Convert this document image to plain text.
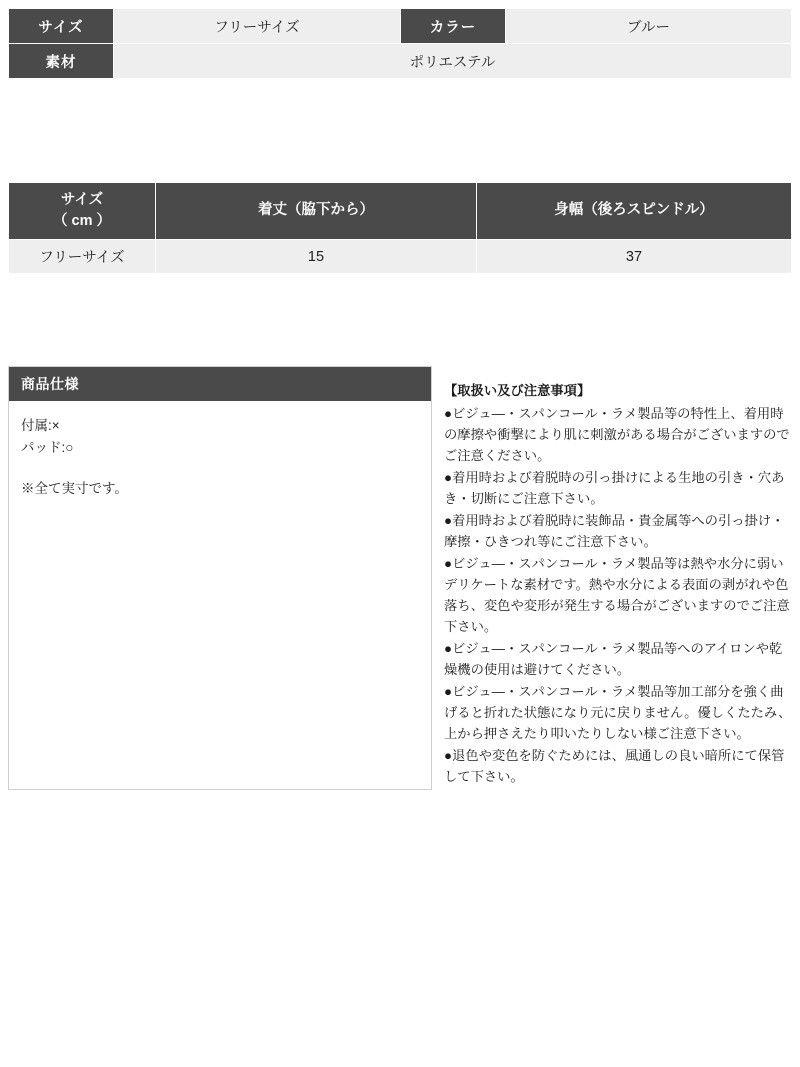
サイズ	フリーサイズ	カラー	ブルー
素材	ポリエステル		
サイズ
（ cm ）	着丈（脇下から）	身幅（後ろスピンドル）
フリーサイズ	15	37
商品仕様
付属:×
パッド:○
※全て実寸です。
【取扱い及び注意事項】

●ビジュ―・スパンコール・ラメ製品等の特性上、着用時の摩擦や衝撃により肌に刺激がある場合がございますのでご注意ください。

●着用時および着脱時の引っ掛けによる生地の引き・穴あき・切断にご注意下さい。

●着用時および着脱時に装飾品・貴金属等への引っ掛け・摩擦・ひきつれ等にご注意下さい。

●ビジュ―・スパンコール・ラメ製品等は熱や水分に弱いデリケートな素材です。熱や水分による表面の剥がれや色落ち、変色や変形が発生する場合がございますのでご注意下さい。

●ビジュ―・スパンコール・ラメ製品等へのアイロンや乾燥機の使用は避けてください。

●ビジュ―・スパンコール・ラメ製品等加工部分を強く曲げると折れた状態になり元に戻りません。優しくたたみ、上から押さえたり叩いたりしない様ご注意下さい。

●退色や変色を防ぐためには、風通しの良い暗所にて保管して下さい。
